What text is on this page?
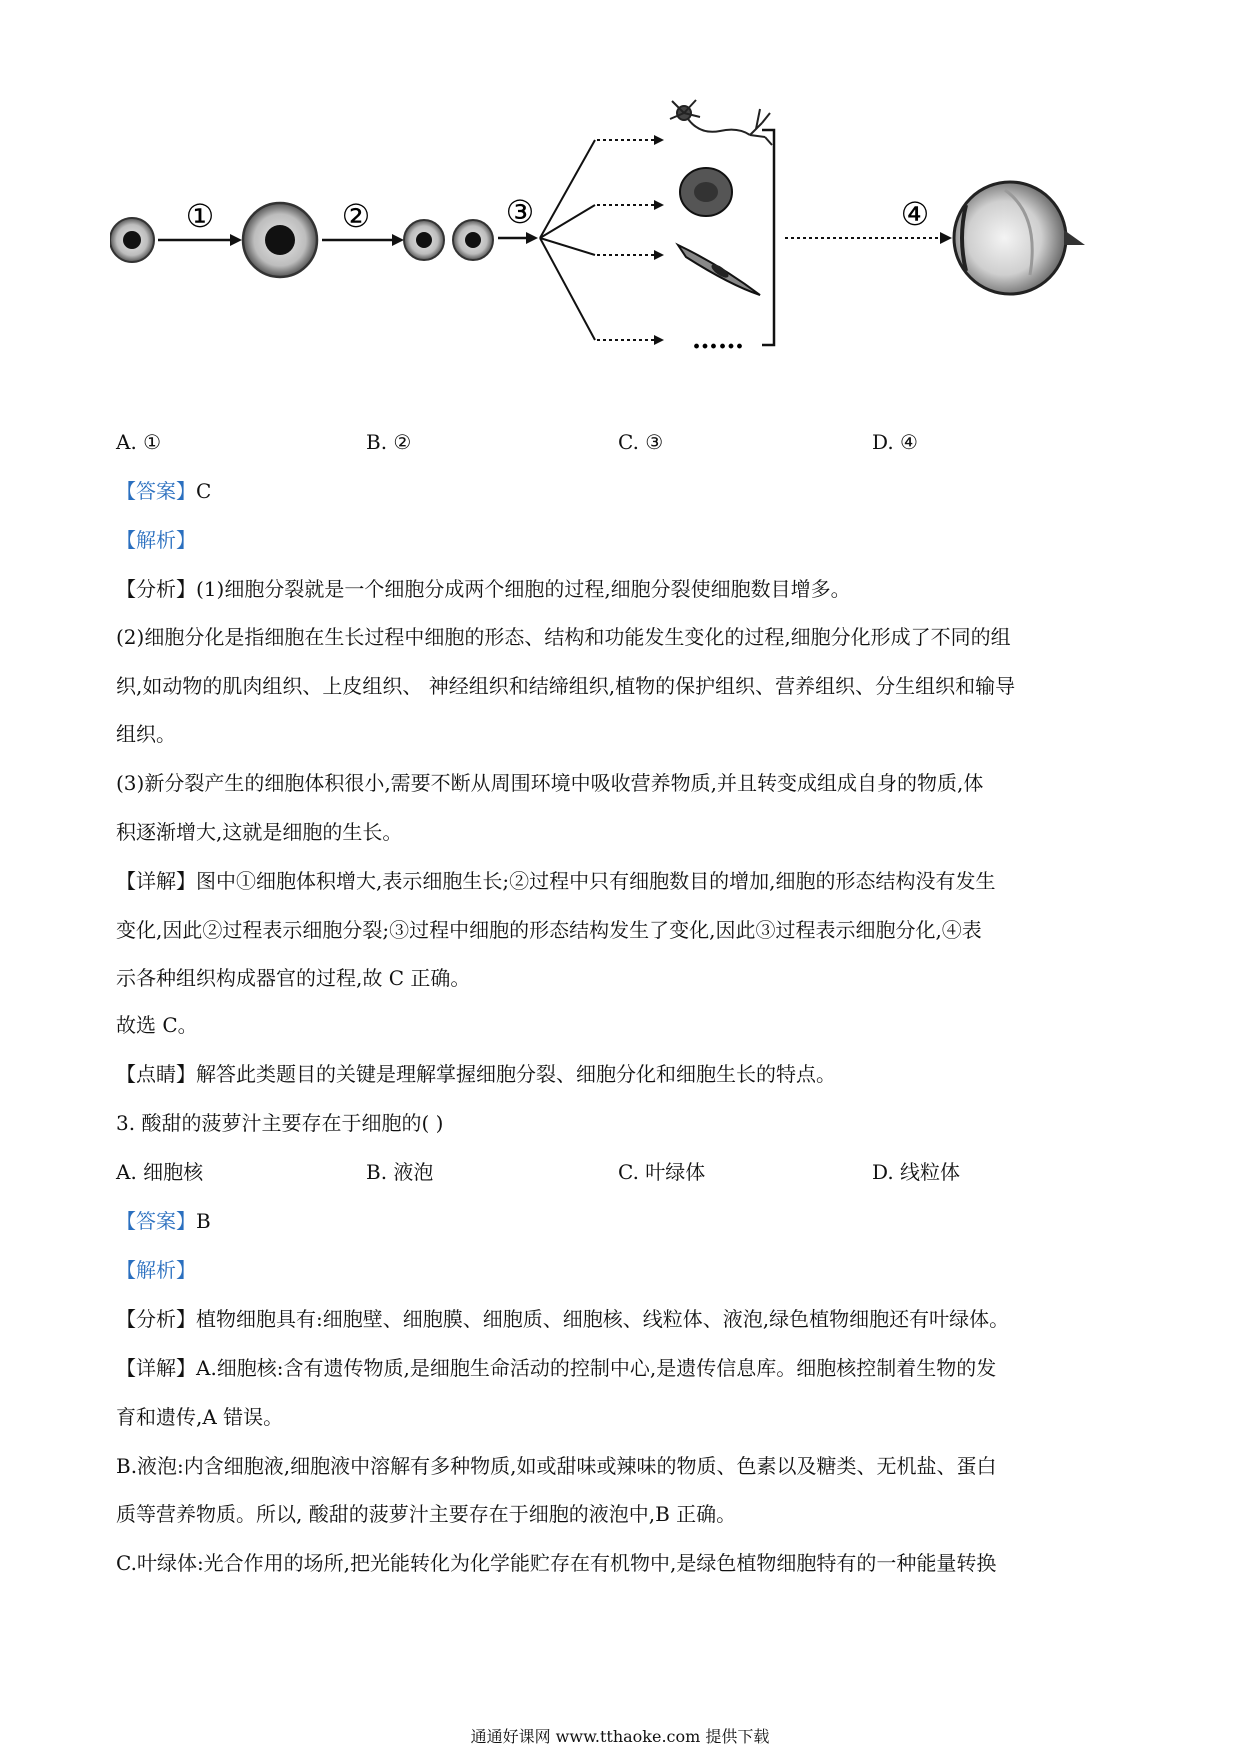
①	②	③
……
④
A. ①	B. ②	C. ③	D. ④
【答案】C
【解析】
【分析】(1)细胞分裂就是一个细胞分成两个细胞的过程,细胞分裂使细胞数目增多。
(2)细胞分化是指细胞在生长过程中细胞的形态、结构和功能发生变化的过程,细胞分化形成了不同的组
织,如动物的肌肉组织、上皮组织、 神经组织和结缔组织,植物的保护组织、营养组织、分生组织和输导
组织。
(3)新分裂产生的细胞体积很小,需要不断从周围环境中吸收营养物质,并且转变成组成自身的物质,体
积逐渐增大,这就是细胞的生长。
【详解】图中①细胞体积增大,表示细胞生长;②过程中只有细胞数目的增加,细胞的形态结构没有发生
变化,因此②过程表示细胞分裂;③过程中细胞的形态结构发生了变化,因此③过程表示细胞分化,④表
示各种组织构成器官的过程,故 C 正确。
故选 C。
【点睛】解答此类题目的关键是理解掌握细胞分裂、细胞分化和细胞生长的特点。
3. 酸甜的菠萝汁主要存在于细胞的( )
A. 细胞核	B. 液泡	C. 叶绿体	D. 线粒体
【答案】B
【解析】
【分析】植物细胞具有:细胞壁、细胞膜、细胞质、细胞核、线粒体、液泡,绿色植物细胞还有叶绿体。
【详解】A.细胞核:含有遗传物质,是细胞生命活动的控制中心,是遗传信息库。细胞核控制着生物的发
育和遗传,A 错误。
B.液泡:内含细胞液,细胞液中溶解有多种物质,如或甜味或辣味的物质、色素以及糖类、无机盐、蛋白
质等营养物质。所以, 酸甜的菠萝汁主要存在于细胞的液泡中,B 正确。
C.叶绿体:光合作用的场所,把光能转化为化学能贮存在有机物中,是绿色植物细胞特有的一种能量转换
通通好课网 www.tthaoke.com 提供下载
